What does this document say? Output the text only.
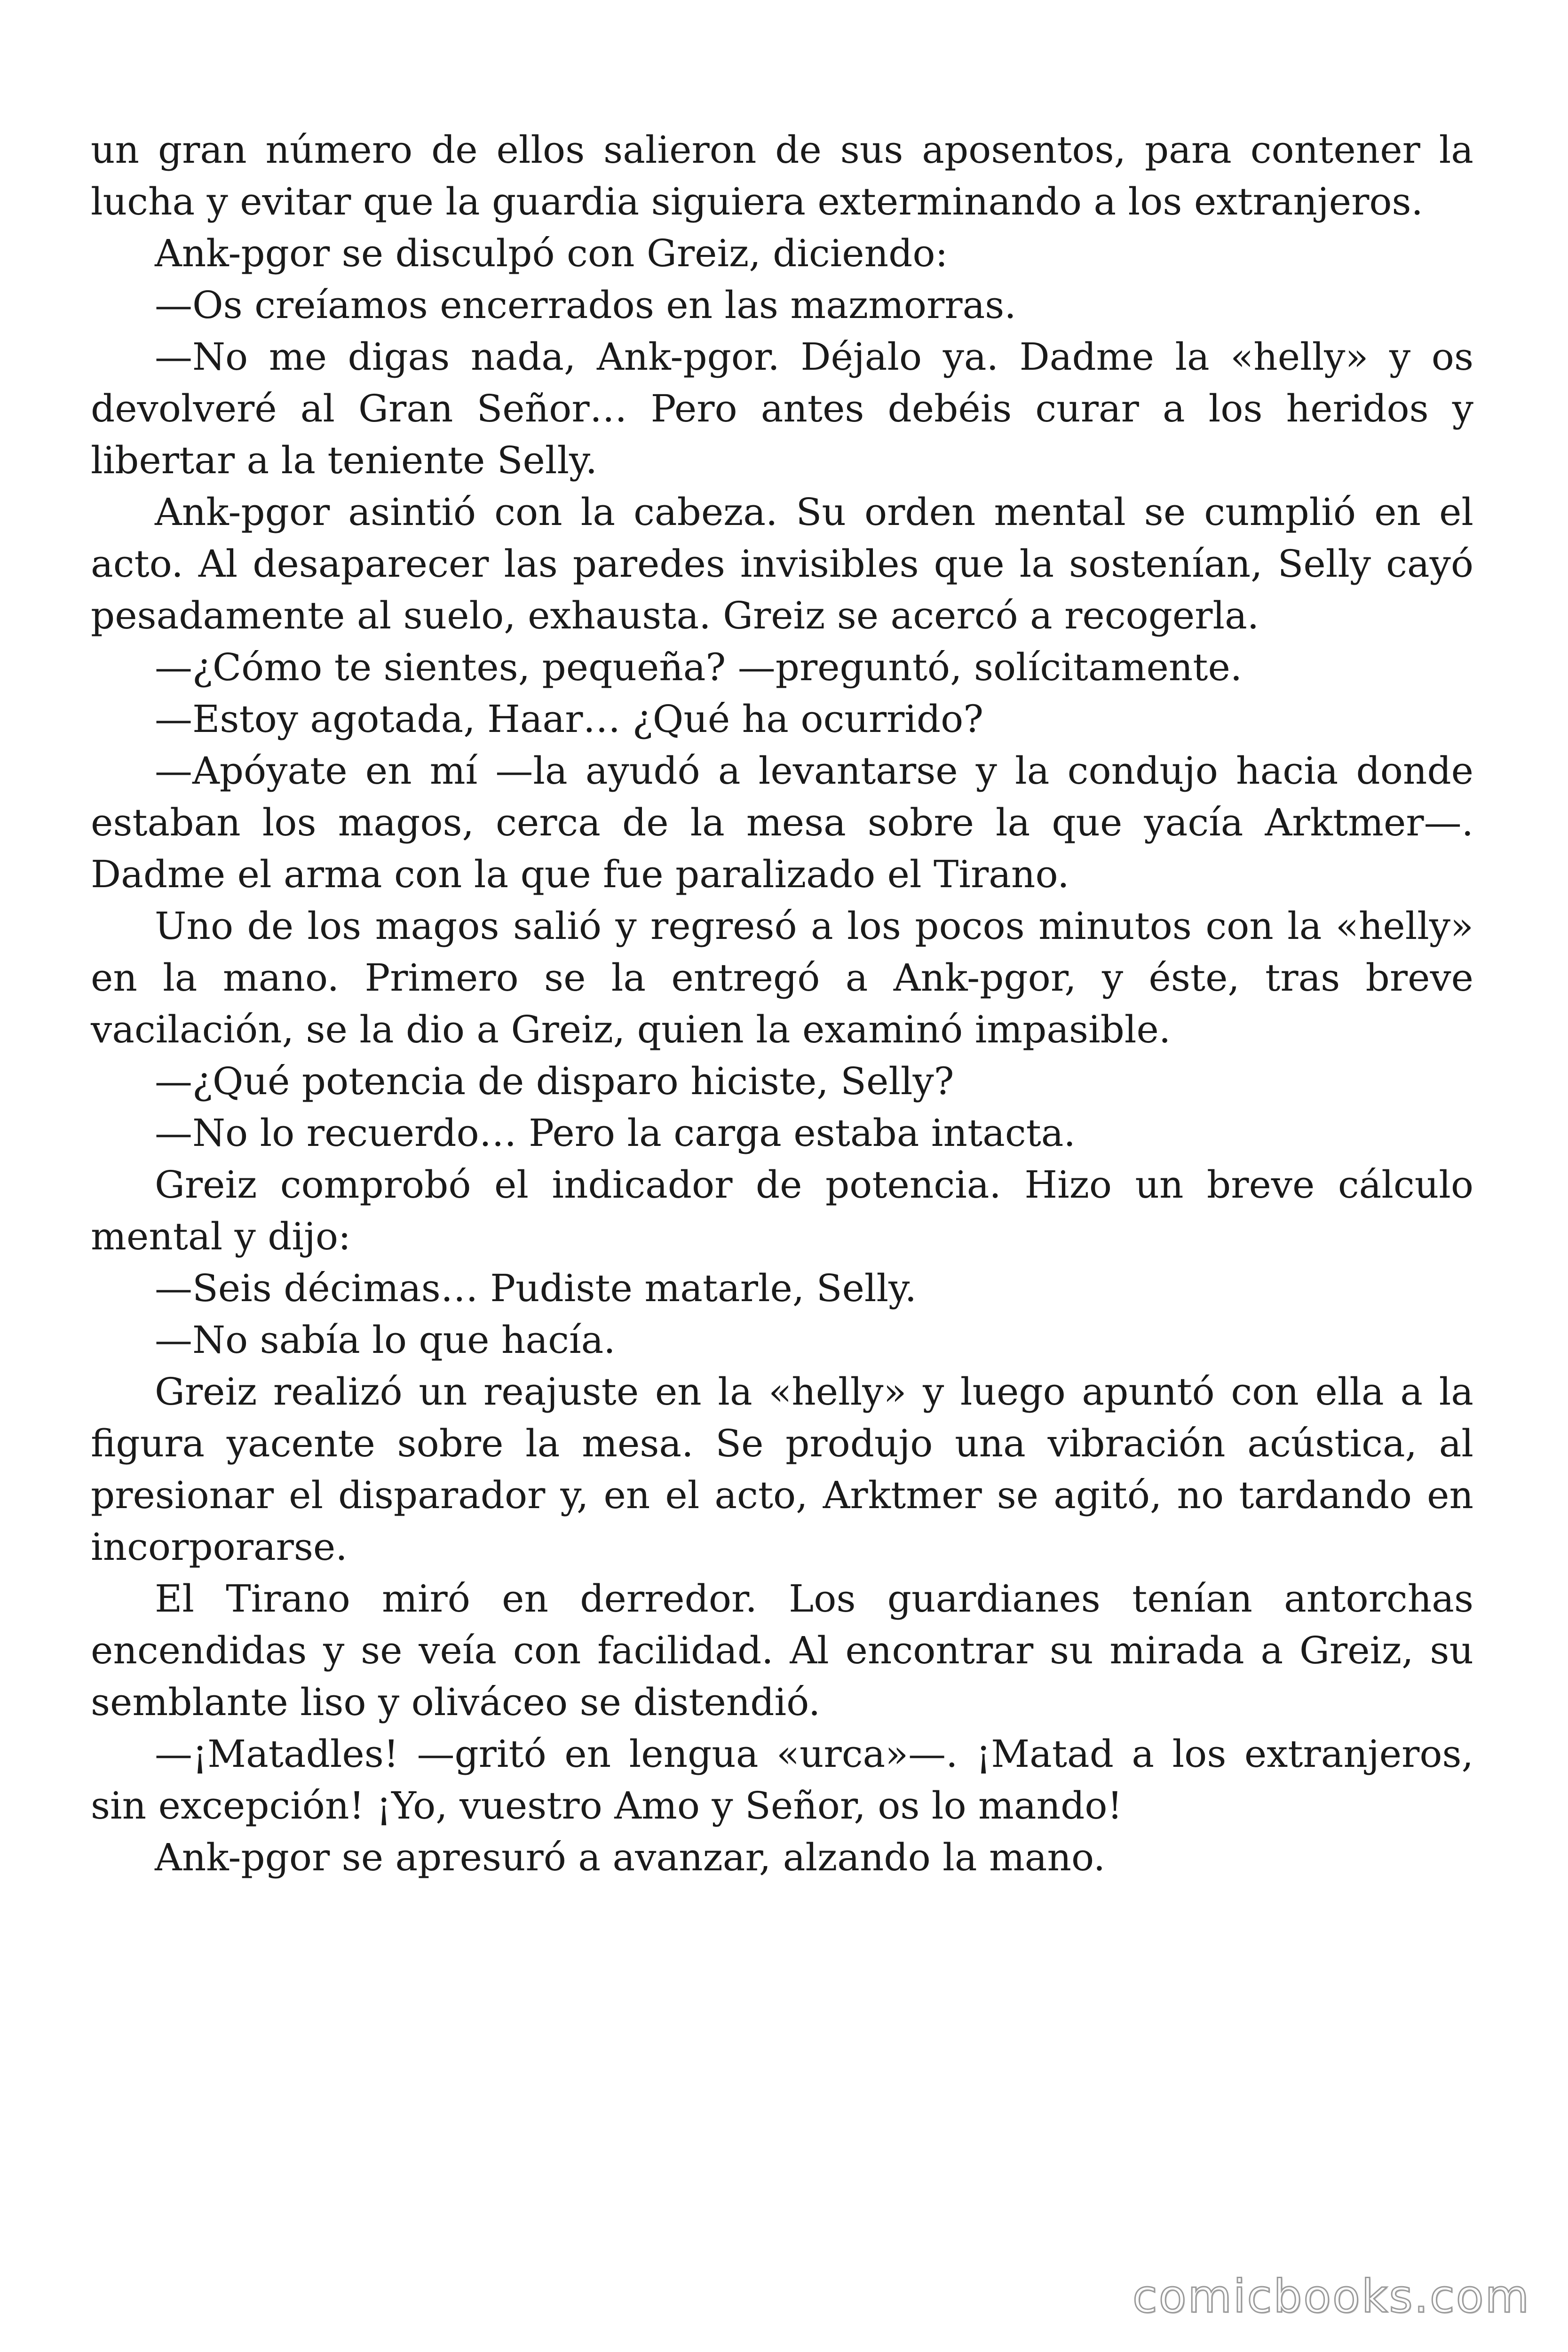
un gran número de ellos salieron de sus aposentos, para contener la lucha y evitar que la guardia siguiera exterminando a los extranjeros.

Ank-pgor se disculpó con Greiz, diciendo:

—Os creíamos encerrados en las mazmorras.

—No me digas nada, Ank-pgor. Déjalo ya. Dadme la «helly» y os devolveré al Gran Señor… Pero antes debéis curar a los heridos y libertar a la teniente Selly.

Ank-pgor asintió con la cabeza. Su orden mental se cumplió en el acto. Al desaparecer las paredes invisibles que la sostenían, Selly cayó pesadamente al suelo, exhausta. Greiz se acercó a recogerla.

—¿Cómo te sientes, pequeña? —preguntó, solícitamente.

—Estoy agotada, Haar… ¿Qué ha ocurrido?

—Apóyate en mí —la ayudó a levantarse y la condujo hacia donde estaban los magos, cerca de la mesa sobre la que yacía Arktmer—. Dadme el arma con la que fue paralizado el Tirano.

Uno de los magos salió y regresó a los pocos minutos con la «helly» en la mano. Primero se la entregó a Ank-pgor, y éste, tras breve vacilación, se la dio a Greiz, quien la examinó impasible.

—¿Qué potencia de disparo hiciste, Selly?

—No lo recuerdo… Pero la carga estaba intacta.

Greiz comprobó el indicador de potencia. Hizo un breve cálculo mental y dijo:

—Seis décimas… Pudiste matarle, Selly.

—No sabía lo que hacía.

Greiz realizó un reajuste en la «helly» y luego apuntó con ella a la figura yacente sobre la mesa. Se produjo una vibración acústica, al presionar el disparador y, en el acto, Arktmer se agitó, no tardando en incorporarse.

El Tirano miró en derredor. Los guardianes tenían antorchas encendidas y se veía con facilidad. Al encontrar su mirada a Greiz, su semblante liso y oliváceo se distendió.

—¡Matadles! —gritó en lengua «urca»—. ¡Matad a los extranjeros, sin excepción! ¡Yo, vuestro Amo y Señor, os lo mando!

Ank-pgor se apresuró a avanzar, alzando la mano.

comicbooks.com
